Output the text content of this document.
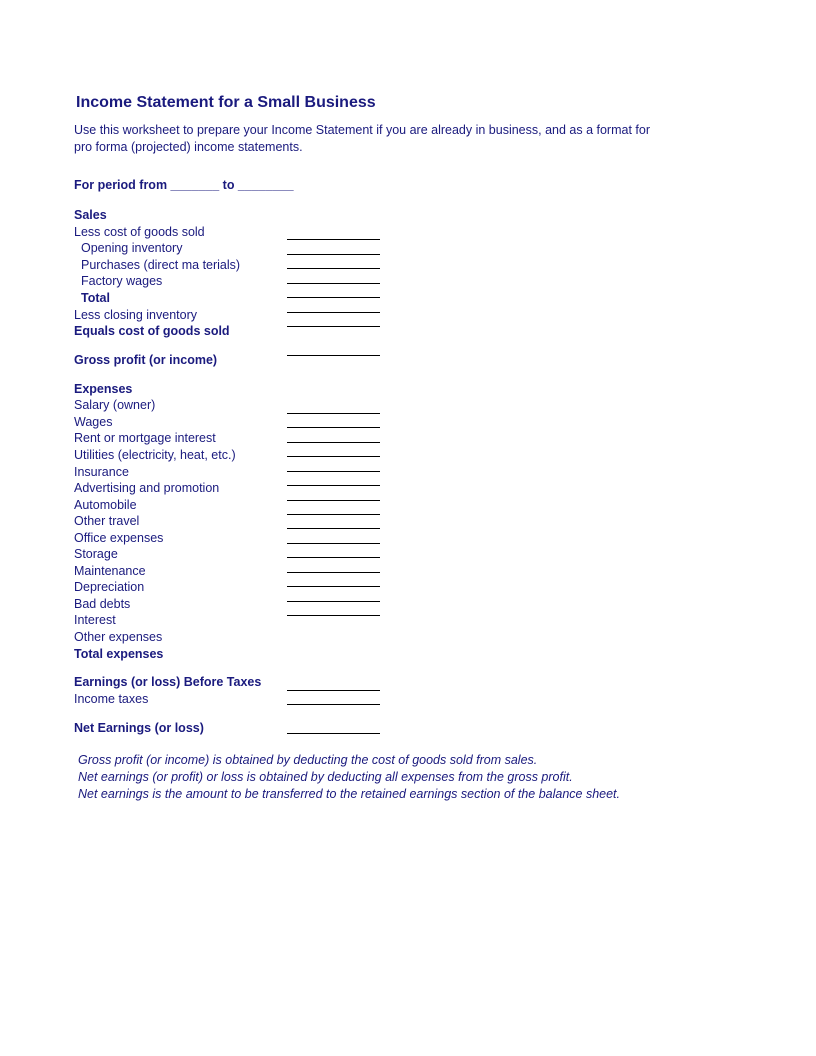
Income Statement for a Small Business
Use this worksheet to prepare your Income Statement if you are already in business, and as a format for pro forma (projected) income statements.
For period from _______ to ________
Sales
Less cost of goods sold
Opening inventory
Purchases (direct ma terials)
Factory wages
Total
Less closing inventory
Equals cost of goods sold
Gross profit (or income)
Expenses
Salary (owner)
Wages
Rent or mortgage interest
Utilities (electricity, heat, etc.)
Insurance
Advertising and promotion
Automobile
Other travel
Office expenses
Storage
Maintenance
Depreciation
Bad debts
Interest
Other expenses
Total expenses
Earnings (or loss) Before Taxes
Income taxes
Net Earnings (or loss)
Gross profit (or income) is obtained by deducting the cost of goods sold from sales.
Net earnings (or profit) or loss is obtained by deducting all expenses from the gross profit.
Net earnings is the amount to be transferred to the retained earnings section of the balance sheet.
